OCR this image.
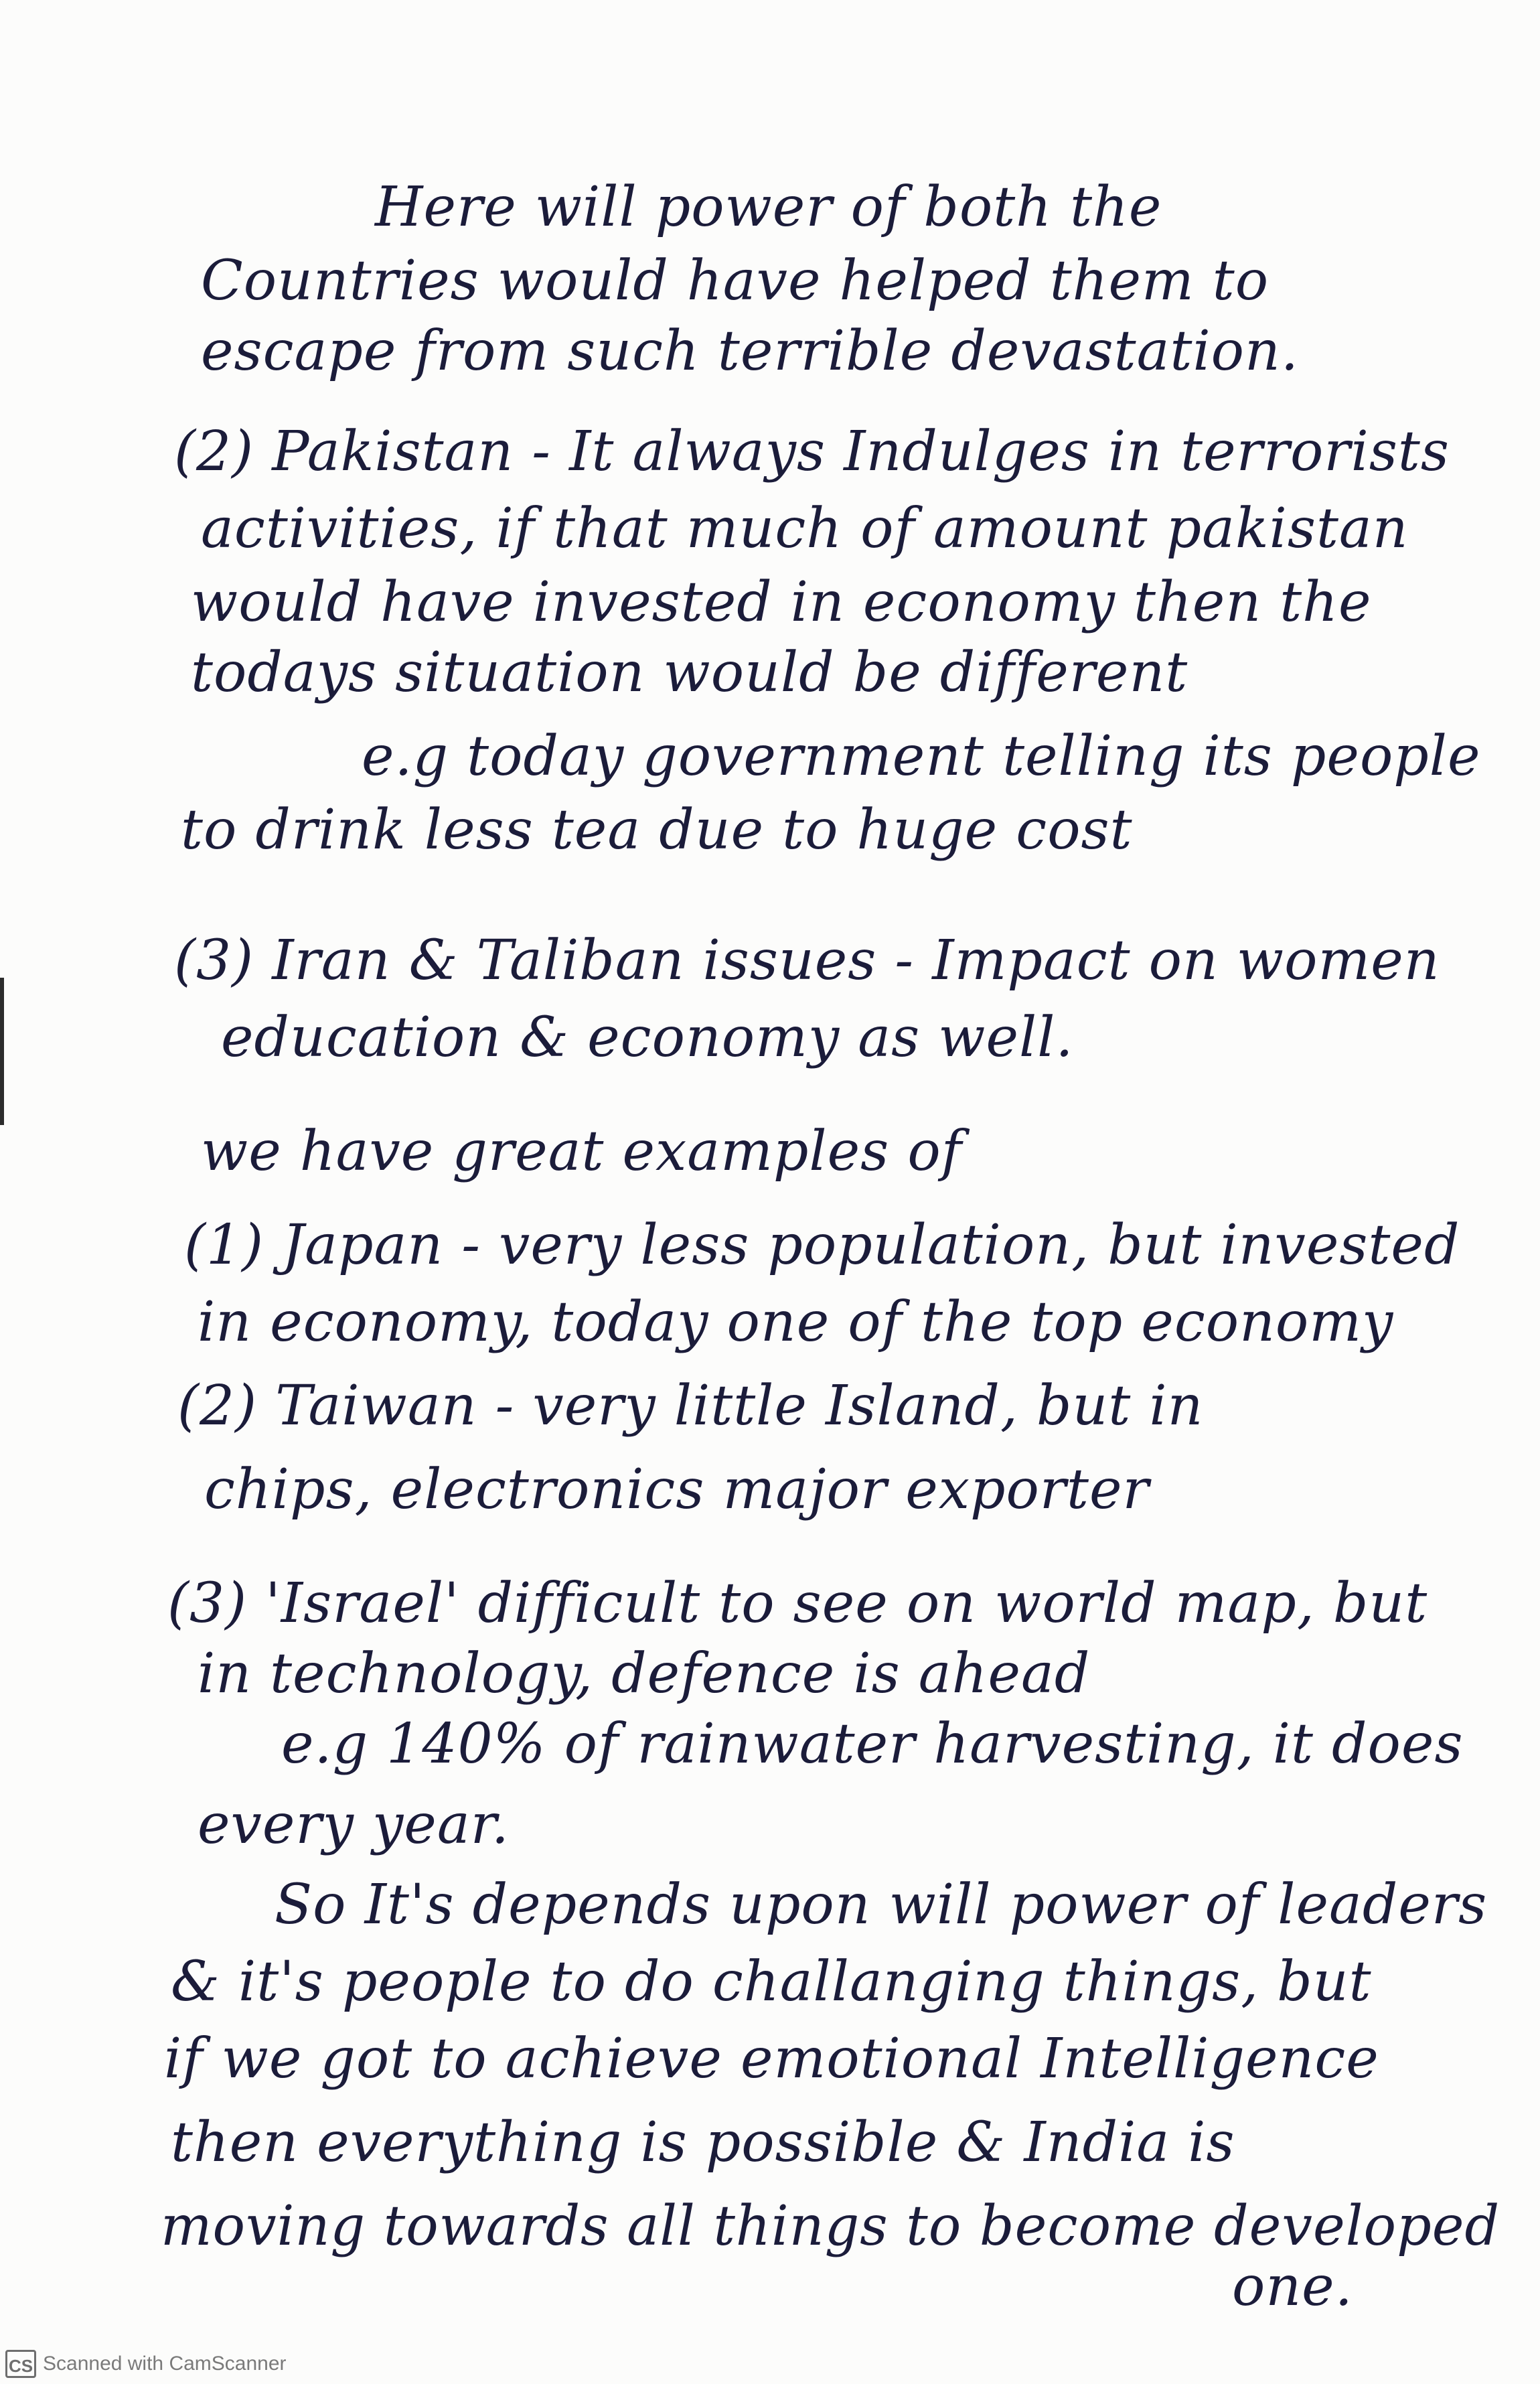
Here will power of both the
Countries would have helped them to
escape from such terrible devastation.
(2) Pakistan - It always Indulges in terrorists
activities, if that much of amount pakistan
would have invested in economy then the
todays situation would be different
e.g today government telling its people
to drink less tea due to huge cost
(3) Iran & Taliban issues - Impact on women
education & economy as well.
we have great examples of
(1) Japan - very less population, but invested
in economy, today one of the top economy
(2) Taiwan - very little Island, but in
chips, electronics major exporter
(3) 'Israel' difficult to see on world map, but
in technology, defence is ahead
e.g 140% of rainwater harvesting, it does
every year.
So It's depends upon will power of leaders
& it's people to do challanging things, but
if we got to achieve emotional Intelligence
then everything is possible & India is
moving towards all things to become developed
one.
CS Scanned with CamScanner
